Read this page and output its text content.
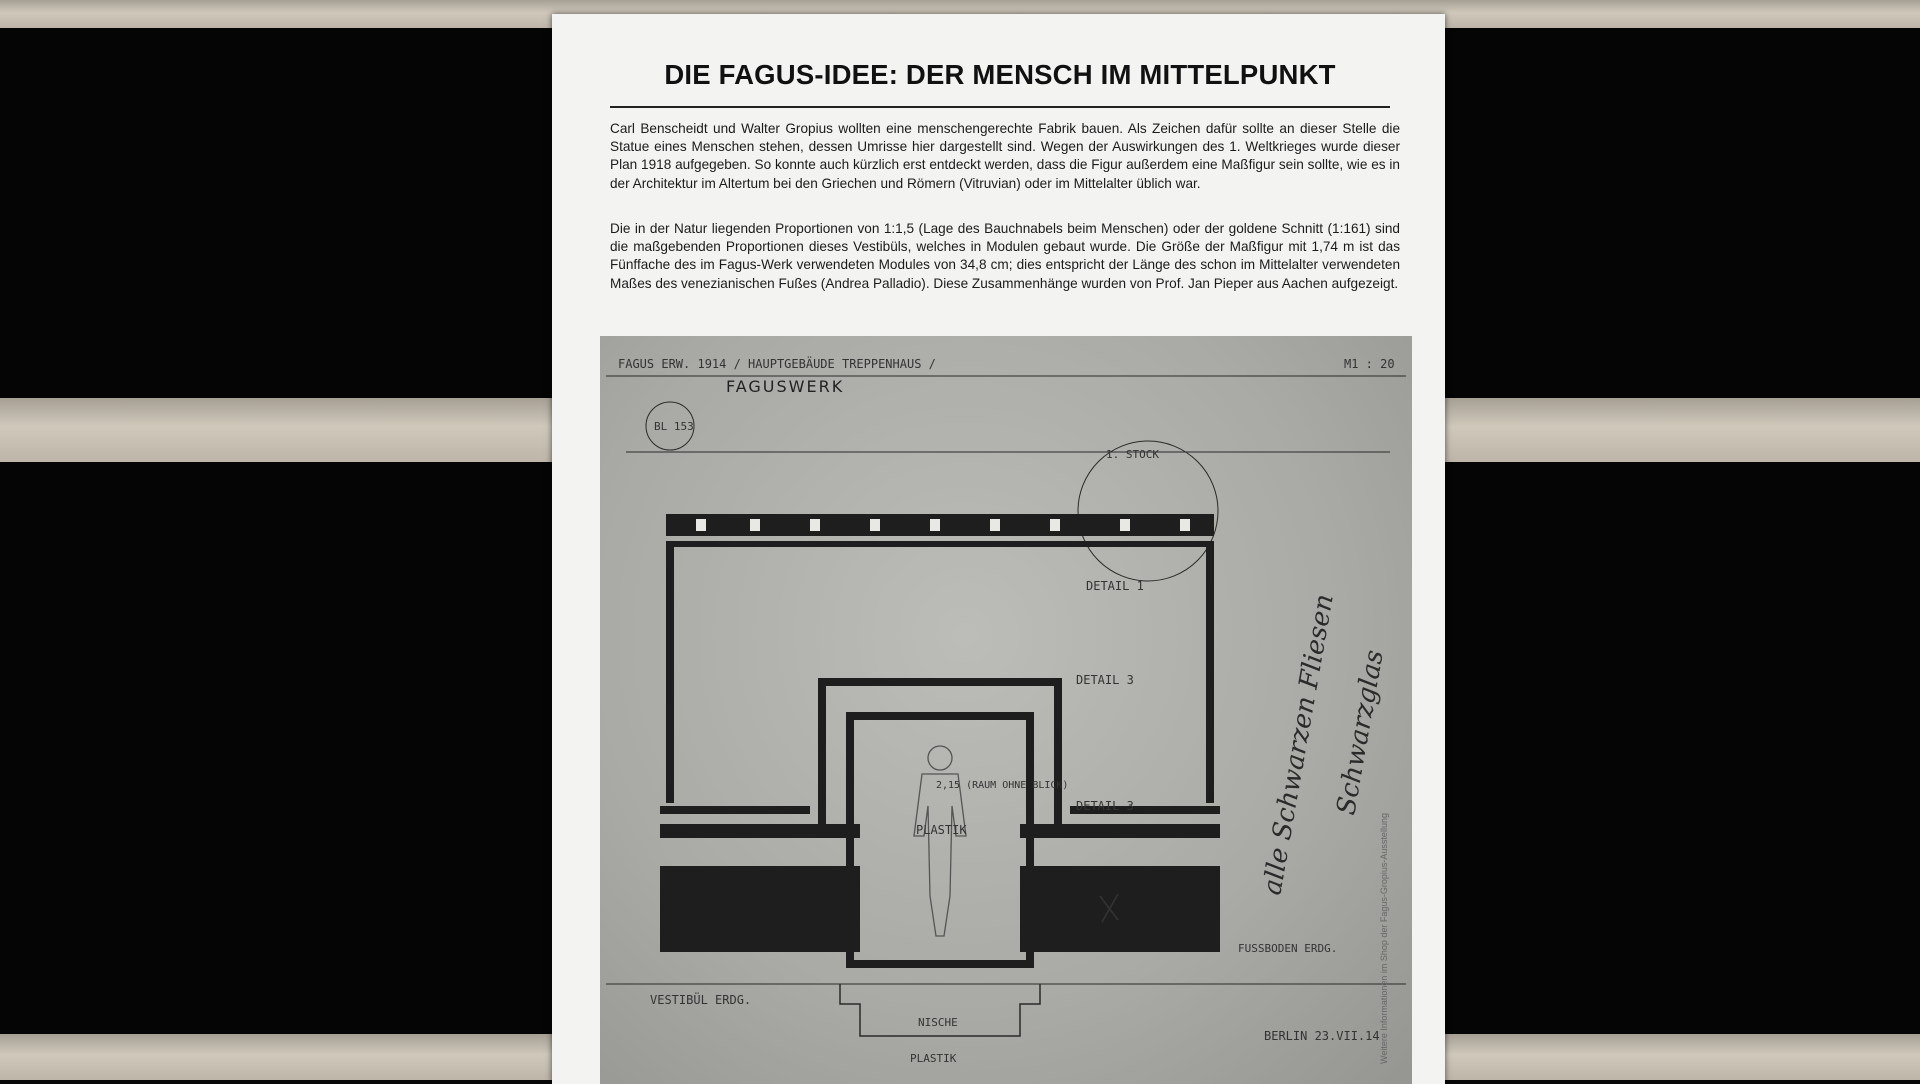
DIE FAGUS-IDEE: DER MENSCH IM MITTELPUNKT
Carl Benscheidt und Walter Gropius wollten eine menschengerechte Fabrik bauen. Als Zeichen dafür sollte an dieser Stelle die Statue eines Menschen stehen, dessen Umrisse hier dargestellt sind. Wegen der Auswirkungen des 1. Weltkrieges wurde dieser Plan 1918 aufgegeben. So konnte auch kürzlich erst entdeckt werden, dass die Figur außerdem eine Maßfigur sein sollte, wie es in der Architektur im Altertum bei den Griechen und Römern (Vitruvian) oder im Mittelalter üblich war.
Die in der Natur liegenden Proportionen von 1:1,5 (Lage des Bauchnabels beim Menschen) oder der goldene Schnitt (1:161) sind die maßgebenden Proportionen dieses Vestibüls, welches in Modulen gebaut wurde. Die Größe der Maßfigur mit 1,74 m ist das Fünffache des im Fagus-Werk verwendeten Modules von 34,8 cm; dies entspricht der Länge des schon im Mittelalter verwendeten Maßes des venezianischen Fußes (Andrea Palladio). Diese Zusammenhänge wurden von Prof. Jan Pieper aus Aachen aufgezeigt.
FAGUS ERW. 1914 / HAUPTGEBÄUDE TREPPENHAUS /	M1 : 20
BL 153
1. STOCK
DETAIL 1
DETAIL 3
DETAIL 3
2,15 (RAUM OHNE BLICK)
PLASTIK
FUSSBODEN ERDG.
VESTIBÜL ERDG.
NISCHE
PLASTIK
BERLIN 23.VII.14
FAGUSWERK
alle Schwarzen Fliesen
Schwarzglas
Weitere Informationen im Shop der Fagus-Gropius-Ausstellung
